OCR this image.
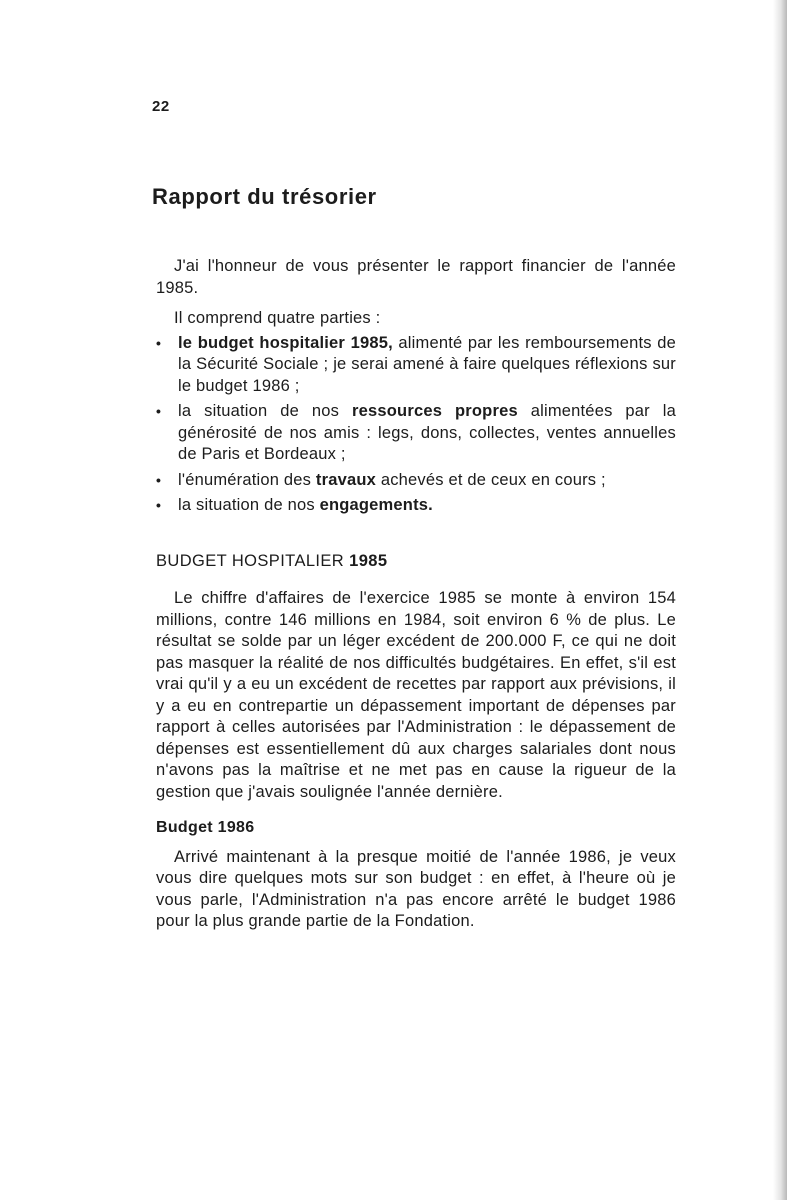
22
Rapport du trésorier

J'ai l'honneur de vous présenter le rapport financier de l'année 1985.

Il comprend quatre parties :

• le budget hospitalier 1985, alimenté par les remboursements de la Sécurité Sociale ; je serai amené à faire quelques réflexions sur le budget 1986 ;
• la situation de nos ressources propres alimentées par la générosité de nos amis : legs, dons, collectes, ventes annuelles de Paris et Bordeaux ;
• l'énumération des travaux achevés et de ceux en cours ;
• la situation de nos engagements.
BUDGET HOSPITALIER 1985

Le chiffre d'affaires de l'exercice 1985 se monte à environ 154 millions, contre 146 millions en 1984, soit environ 6 % de plus. Le résultat se solde par un léger excédent de 200.000 F, ce qui ne doit pas masquer la réalité de nos difficultés budgétaires. En effet, s'il est vrai qu'il y a eu un excédent de recettes par rapport aux prévisions, il y a eu en contrepartie un dépassement important de dépenses par rapport à celles autorisées par l'Administration : le dépassement de dépenses est essentiellement dû aux charges salariales dont nous n'avons pas la maîtrise et ne met pas en cause la rigueur de la gestion que j'avais soulignée l'année dernière.

Budget 1986

Arrivé maintenant à la presque moitié de l'année 1986, je veux vous dire quelques mots sur son budget : en effet, à l'heure où je vous parle, l'Administration n'a pas encore arrêté le budget 1986 pour la plus grande partie de la Fondation.
